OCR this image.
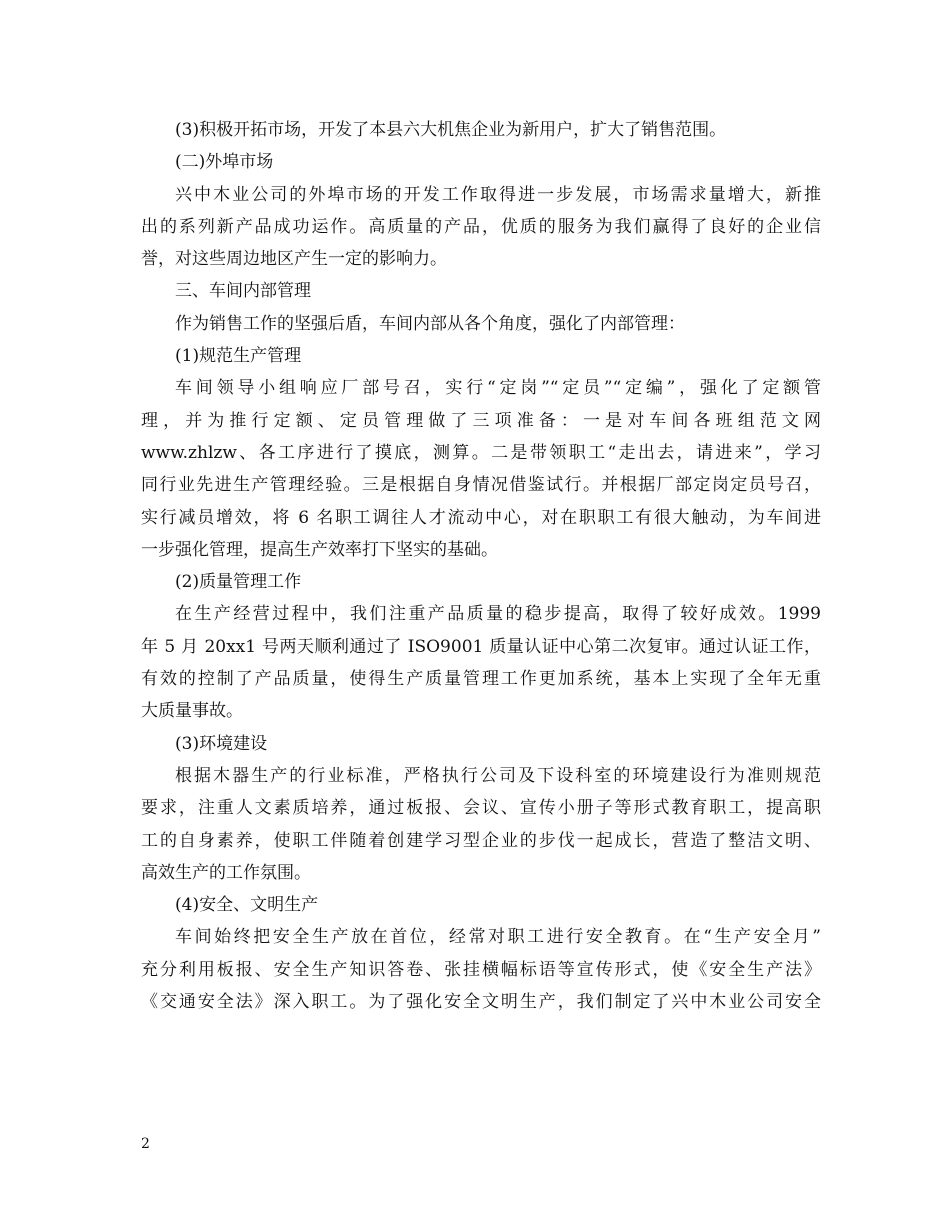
(3)积极开拓市场，开发了本县六大机焦企业为新用户，扩大了销售范围。
(二)外埠市场
兴中木业公司的外埠市场的开发工作取得进一步发展，市场需求量增大，新推
出的系列新产品成功运作。高质量的产品，优质的服务为我们赢得了良好的企业信
誉，对这些周边地区产生一定的影响力。
三、车间内部管理
作为销售工作的坚强后盾，车间内部从各个角度，强化了内部管理：
(1)规范生产管理
车间领导小组响应厂部号召，实行“定岗”“定员”“定编”，强化了定额管
理，并为推行定额、定员管理做了三项准备：一是对车间各班组范文网
www.zhlzw、各工序进行了摸底，测算。二是带领职工“走出去，请进来”，学习
同行业先进生产管理经验。三是根据自身情况借鉴试行。并根据厂部定岗定员号召，
实行减员增效，将 6 名职工调往人才流动中心，对在职职工有很大触动，为车间进
一步强化管理，提高生产效率打下坚实的基础。
(2)质量管理工作
在生产经营过程中，我们注重产品质量的稳步提高，取得了较好成效。1999
年 5 月 20xx1 号两天顺利通过了 ISO9001 质量认证中心第二次复审。通过认证工作，
有效的控制了产品质量，使得生产质量管理工作更加系统，基本上实现了全年无重
大质量事故。
(3)环境建设
根据木器生产的行业标准，严格执行公司及下设科室的环境建设行为准则规范
要求，注重人文素质培养，通过板报、会议、宣传小册子等形式教育职工，提高职
工的自身素养，使职工伴随着创建学习型企业的步伐一起成长，营造了整洁文明、
高效生产的工作氛围。
(4)安全、文明生产
车间始终把安全生产放在首位，经常对职工进行安全教育。在“生产安全月”
充分利用板报、安全生产知识答卷、张挂横幅标语等宣传形式，使《安全生产法》
《交通安全法》深入职工。为了强化安全文明生产，我们制定了兴中木业公司安全
2
